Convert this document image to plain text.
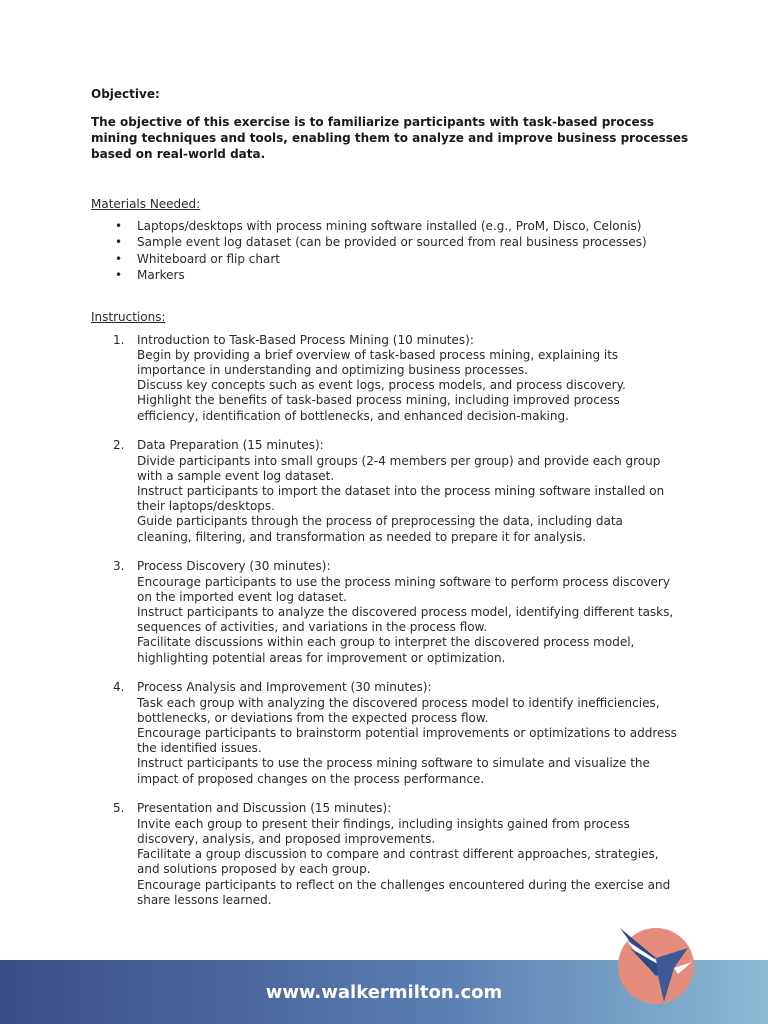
Objective:

The objective of this exercise is to familiarize participants with task-based process mining techniques and tools, enabling them to analyze and improve business processes based on real-world data.

Materials Needed:

• Laptops/desktops with process mining software installed (e.g., ProM, Disco, Celonis)
• Sample event log dataset (can be provided or sourced from real business processes)
• Whiteboard or flip chart
• Markers

Instructions:

1. Introduction to Task-Based Process Mining (10 minutes):
Begin by providing a brief overview of task-based process mining, explaining its
importance in understanding and optimizing business processes.
Discuss key concepts such as event logs, process models, and process discovery.
Highlight the benefits of task-based process mining, including improved process
efficiency, identification of bottlenecks, and enhanced decision-making.
2. Data Preparation (15 minutes):
Divide participants into small groups (2-4 members per group) and provide each group
with a sample event log dataset.
Instruct participants to import the dataset into the process mining software installed on
their laptops/desktops.
Guide participants through the process of preprocessing the data, including data
cleaning, filtering, and transformation as needed to prepare it for analysis.
3. Process Discovery (30 minutes):
Encourage participants to use the process mining software to perform process discovery
on the imported event log dataset.
Instruct participants to analyze the discovered process model, identifying different tasks,
sequences of activities, and variations in the process flow.
Facilitate discussions within each group to interpret the discovered process model,
highlighting potential areas for improvement or optimization.
4. Process Analysis and Improvement (30 minutes):
Task each group with analyzing the discovered process model to identify inefficiencies,
bottlenecks, or deviations from the expected process flow.
Encourage participants to brainstorm potential improvements or optimizations to address
the identified issues.
Instruct participants to use the process mining software to simulate and visualize the
impact of proposed changes on the process performance.
5. Presentation and Discussion (15 minutes):
Invite each group to present their findings, including insights gained from process
discovery, analysis, and proposed improvements.
Facilitate a group discussion to compare and contrast different approaches, strategies,
and solutions proposed by each group.
Encourage participants to reflect on the challenges encountered during the exercise and
share lessons learned.
www.walkermilton.com
